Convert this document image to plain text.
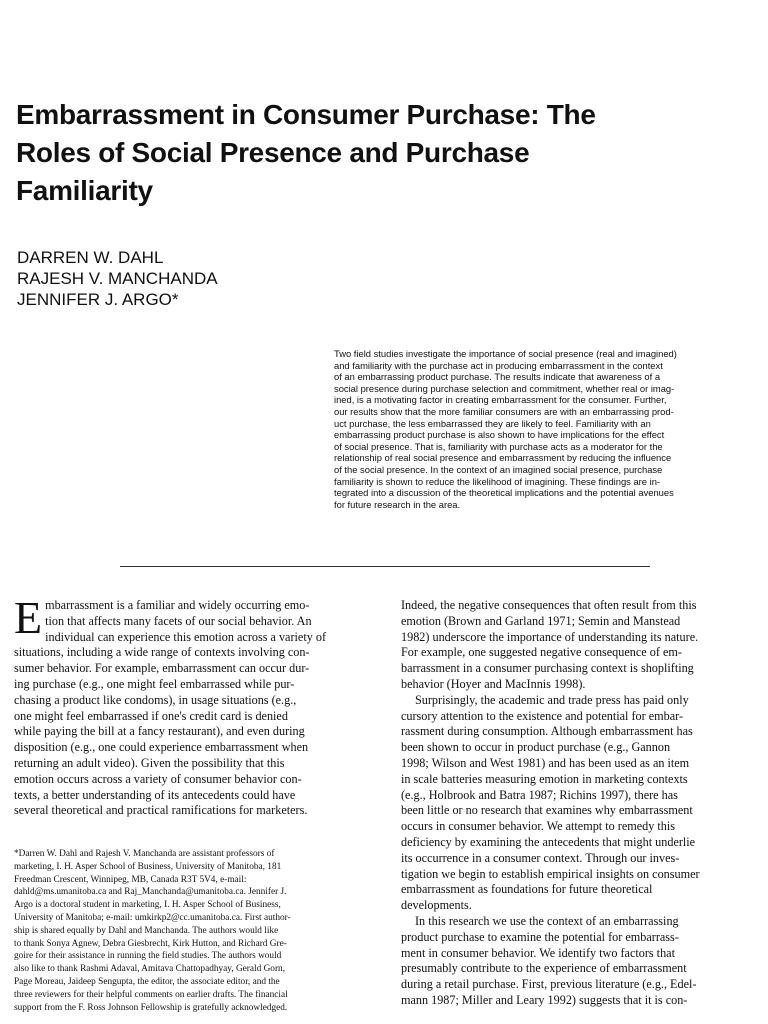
Embarrassment in Consumer Purchase: The
Roles of Social Presence and Purchase
Familiarity
DARREN W. DAHL
RAJESH V. MANCHANDA
JENNIFER J. ARGO*
Two field studies investigate the importance of social presence (real and imagined)
and familiarity with the purchase act in producing embarrassment in the context
of an embarrassing product purchase. The results indicate that awareness of a
social presence during purchase selection and commitment, whether real or imag-
ined, is a motivating factor in creating embarrassment for the consumer. Further,
our results show that the more familiar consumers are with an embarrassing prod-
uct purchase, the less embarrassed they are likely to feel. Familiarity with an
embarrassing product purchase is also shown to have implications for the effect
of social presence. That is, familiarity with purchase acts as a moderator for the
relationship of real social presence and embarrassment by reducing the influence
of the social presence. In the context of an imagined social presence, purchase
familiarity is shown to reduce the likelihood of imagining. These findings are in-
tegrated into a discussion of the theoretical implications and the potential avenues
for future research in the area.
E mbarrassment is a familiar and widely occurring emo-
tion that affects many facets of our social behavior. An
individual can experience this emotion across a variety of
situations, including a wide range of contexts involving con-
sumer behavior. For example, embarrassment can occur dur-
ing purchase (e.g., one might feel embarrassed while pur-
chasing a product like condoms), in usage situations (e.g.,
one might feel embarrassed if one's credit card is denied
while paying the bill at a fancy restaurant), and even during
disposition (e.g., one could experience embarrassment when
returning an adult video). Given the possibility that this
emotion occurs across a variety of consumer behavior con-
texts, a better understanding of its antecedents could have
several theoretical and practical ramifications for marketers.
*Darren W. Dahl and Rajesh V. Manchanda are assistant professors of
marketing, I. H. Asper School of Business, University of Manitoba, 181
Freedman Crescent, Winnipeg, MB, Canada R3T 5V4, e-mail:
dahld@ms.umanitoba.ca and Raj_Manchanda@umanitoba.ca. Jennifer J.
Argo is a doctoral student in marketing, I. H. Asper School of Business,
University of Manitoba; e-mail: umkirkp2@cc.umanitoba.ca. First author-
ship is shared equally by Dahl and Manchanda. The authors would like
to thank Sonya Agnew, Debra Giesbrecht, Kirk Hutton, and Richard Gre-
goire for their assistance in running the field studies. The authors would
also like to thank Rashmi Adaval, Amitava Chattopadhyay, Gerald Gorn,
Page Moreau, Jaideep Sengupta, the editor, the associate editor, and the
three reviewers for their helpful comments on earlier drafts. The financial
support from the F. Ross Johnson Fellowship is gratefully acknowledged.
Indeed, the negative consequences that often result from this
emotion (Brown and Garland 1971; Semin and Manstead
1982) underscore the importance of understanding its nature.
For example, one suggested negative consequence of em-
barrassment in a consumer purchasing context is shoplifting
behavior (Hoyer and MacInnis 1998).
Surprisingly, the academic and trade press has paid only
cursory attention to the existence and potential for embar-
rassment during consumption. Although embarrassment has
been shown to occur in product purchase (e.g., Gannon
1998; Wilson and West 1981) and has been used as an item
in scale batteries measuring emotion in marketing contexts
(e.g., Holbrook and Batra 1987; Richins 1997), there has
been little or no research that examines why embarrassment
occurs in consumer behavior. We attempt to remedy this
deficiency by examining the antecedents that might underlie
its occurrence in a consumer context. Through our inves-
tigation we begin to establish empirical insights on consumer
embarrassment as foundations for future theoretical
developments.
In this research we use the context of an embarrassing
product purchase to examine the potential for embarrass-
ment in consumer behavior. We identify two factors that
presumably contribute to the experience of embarrassment
during a retail purchase. First, previous literature (e.g., Edel-
mann 1987; Miller and Leary 1992) suggests that it is con-
